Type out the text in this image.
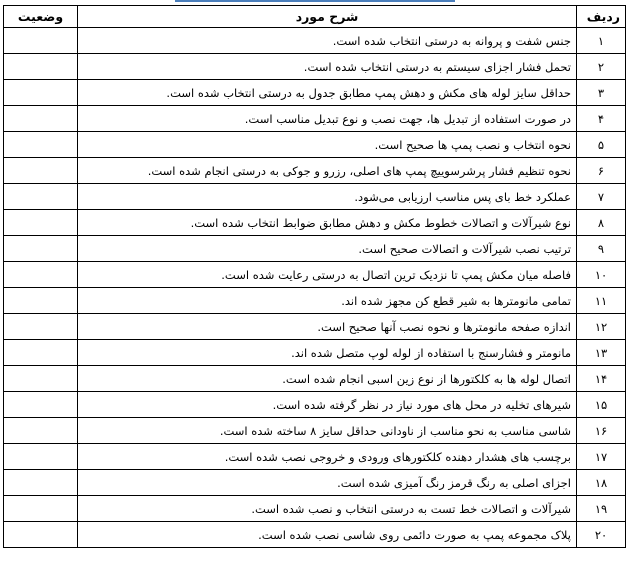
ردیف	شرح مورد	وضعیت
۱	جنس شفت و پروانه به درستی انتخاب شده است.	
۲	تحمل فشار اجزای سیستم به درستی انتخاب شده است.	
۳	حداقل سایز لوله های مکش و دهش پمپ مطابق جدول به درستی انتخاب شده است.	
۴	در صورت استفاده از تبدیل ها، جهت نصب و نوع تبدیل مناسب است.	
۵	نحوه انتخاب و نصب پمپ ها صحیح است.	
۶	نحوه تنظیم فشار پرشرسوییچ پمپ های اصلی، رزرو و جوکی به درستی انجام شده است.	
۷	عملکرد خط بای پس مناسب ارزیابی می‌شود.	
۸	نوع شیرآلات و اتصالات خطوط مکش و دهش مطابق ضوابط انتخاب شده است.	
۹	ترتیب نصب شیرآلات و اتصالات صحیح است.	
۱۰	فاصله میان مکش پمپ تا نزدیک ترین اتصال به درستی رعایت شده است.	
۱۱	تمامی مانومترها به شیر قطع کن مجهز شده اند.	
۱۲	اندازه صفحه مانومترها و نحوه نصب آنها صحیح است.	
۱۳	مانومتر و فشارسنج با استفاده از لوله لوپ متصل شده اند.	
۱۴	اتصال لوله ها به کلکتورها از نوع زین اسبی انجام شده است.	
۱۵	شیرهای تخلیه در محل های مورد نیاز در نظر گرفته شده است.	
۱۶	شاسی مناسب به نحو مناسب از ناودانی حداقل سایز ۸ ساخته شده است.	
۱۷	برچسب های هشدار دهنده کلکتورهای ورودی و خروجی نصب شده است.	
۱۸	اجزای اصلی به رنگ قرمز رنگ آمیزی شده است.	
۱۹	شیرآلات و اتصالات خط تست به درستی انتخاب و نصب شده است.	
۲۰	پلاک مجموعه پمپ به صورت دائمی روی شاسی نصب شده است.	
